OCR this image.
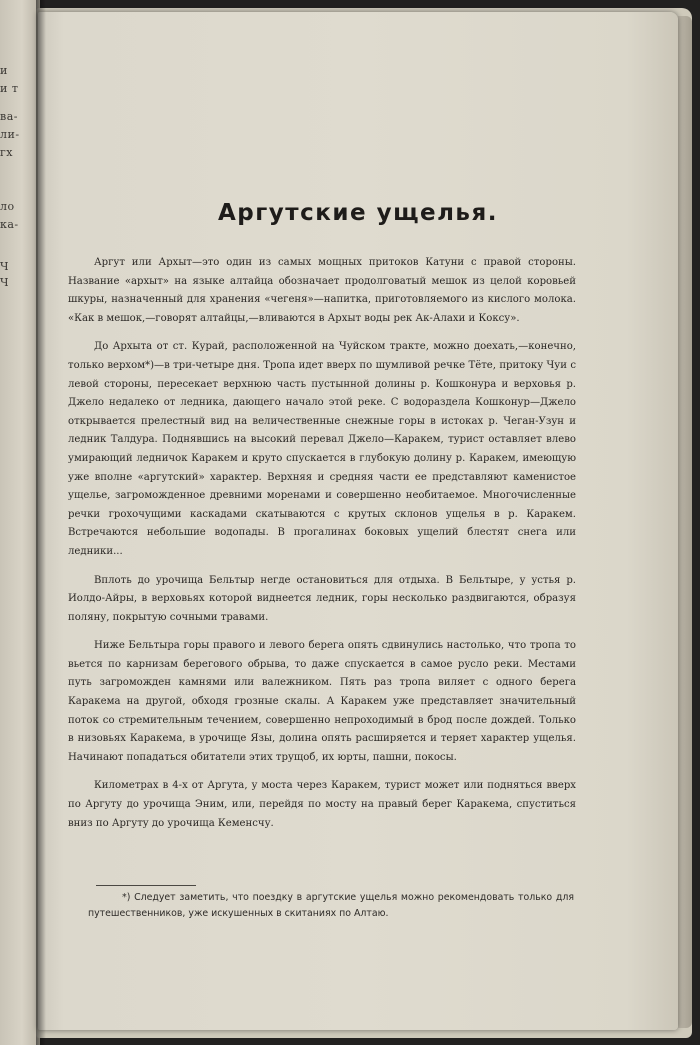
и
и т
ва-
ли-
гх
ло
ка-
Ч
Ч
Аргутские ущелья.

Аргут или Архыт—это один из самых мощных притоков Катуни с правой стороны. Название «архыт» на языке алтайца обозначает продолговатый мешок из целой коровьей шкуры, назначенный для хранения «чегеня»—напитка, приготовляемого из кислого молока. «Как в мешок,—говорят алтайцы,—вливаются в Архыт воды рек Ак-Алахи и Коксу».

До Архыта от ст. Курай, расположенной на Чуйском тракте, можно доехать,—конечно, только верхом*)—в три-четыре дня. Тропа идет вверх по шумливой речке Тёте, притоку Чуи с левой стороны, пересекает верхнюю часть пустынной долины р. Кошконура и верховья р. Джело недалеко от ледника, дающего начало этой реке. С водораздела Кошконур—Джело открывается прелестный вид на величественные снежные горы в истоках р. Чеган-Узун и ледник Талдура. Поднявшись на высокий перевал Джело—Каракем, турист оставляет влево умирающий ледничок Каракем и круто спускается в глубокую долину р. Каракем, имеющую уже вполне «аргутский» характер. Верхняя и средняя части ее представляют каменистое ущелье, загроможденное древними моренами и совершенно необитаемое. Многочисленные речки грохочущими каскадами скатываются с крутых склонов ущелья в р. Каракем. Встречаются небольшие водопады. В прогалинах боковых ущелий блестят снега или ледники...

Вплоть до урочища Бельтыр негде остановиться для отдыха. В Бельтыре, у устья р. Иолдо-Айры, в верховьях которой виднеется ледник, горы несколько раздвигаются, образуя поляну, покрытую сочными травами.

Ниже Бельтыра горы правого и левого берега опять сдвинулись настолько, что тропа то вьется по карнизам берегового обрыва, то даже спускается в самое русло реки. Местами путь загроможден камнями или валежником. Пять раз тропа виляет с одного берега Каракема на другой, обходя грозные скалы. А Каракем уже представляет значительный поток со стремительным течением, совершенно непроходимый в брод после дождей. Только в низовьях Каракема, в урочище Язы, долина опять расширяется и теряет характер ущелья. Начинают попадаться обитатели этих трущоб, их юрты, пашни, покосы.

Километрах в 4-х от Аргута, у моста через Каракем, турист может или подняться вверх по Аргуту до урочища Эним, или, перейдя по мосту на правый берег Каракема, спуститься вниз по Аргуту до урочища Кеменсчу.

*) Следует заметить, что поездку в аргутские ущелья можно рекомендовать только для путешественников, уже искушенных в скитаниях по Алтаю.
